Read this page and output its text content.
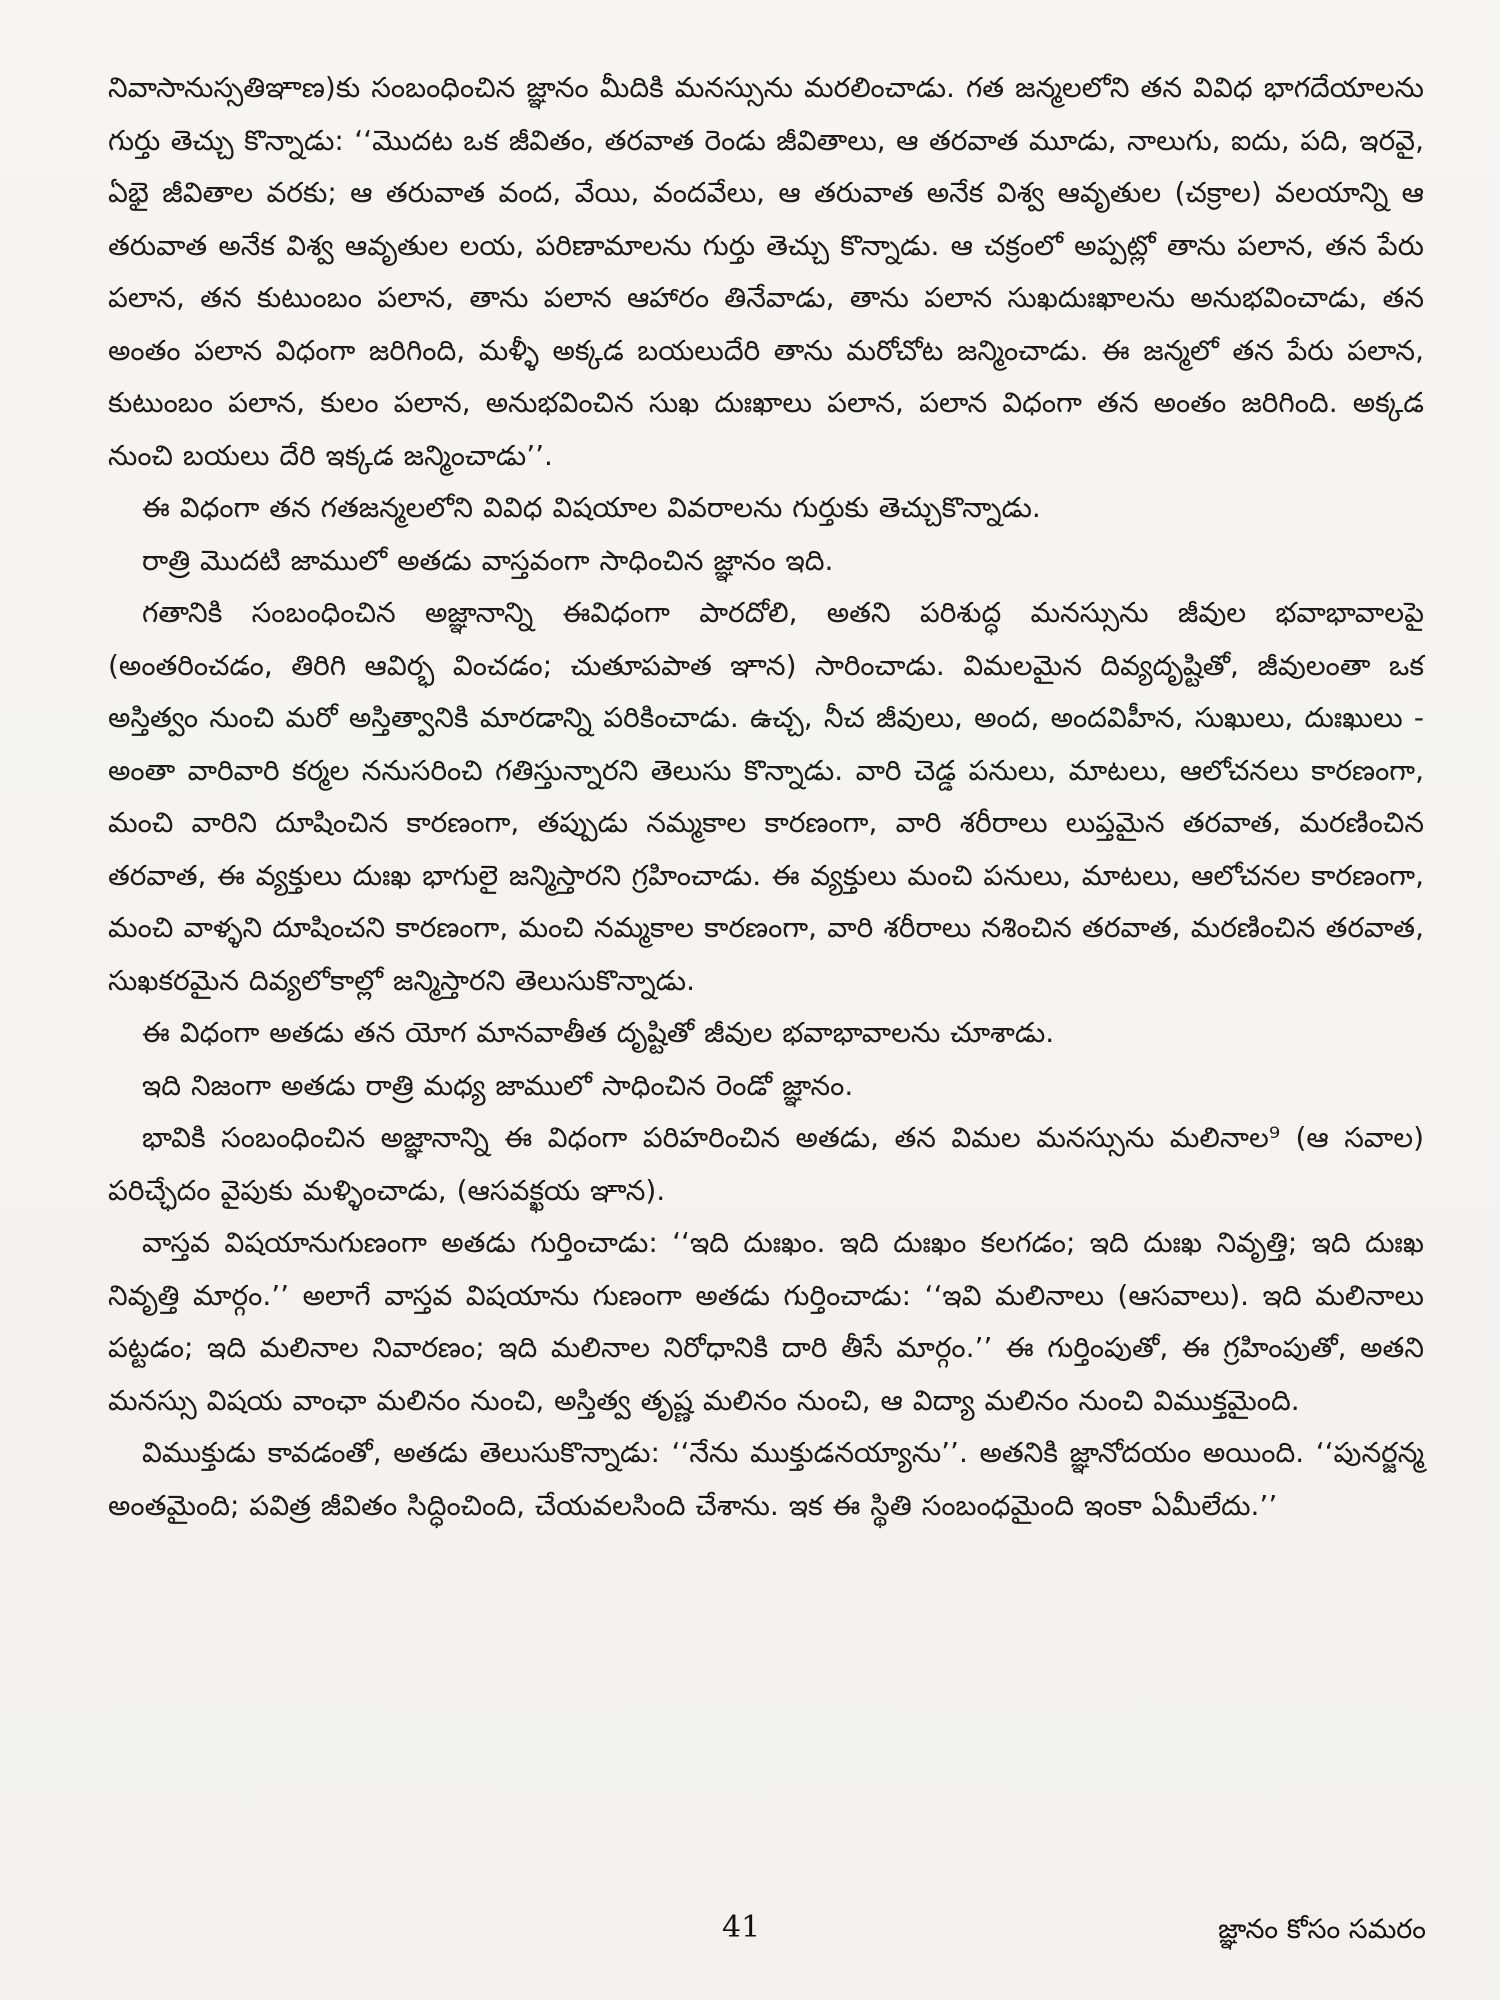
నివాసానుస్సతిఞాణ)కు సంబంధించిన జ్ఞానం మీదికి మనస్సును మరలించాడు. గత జన్మలలోని తన వివిధ భాగదేయాలను గుర్తు తెచ్చు కొన్నాడు: ‘‘మొదట ఒక జీవితం, తరవాత రెండు జీవితాలు, ఆ తరవాత మూడు, నాలుగు, ఐదు, పది, ఇరవై, ఏభై జీవితాల వరకు; ఆ తరువాత వంద, వేయి, వందవేలు, ఆ తరువాత అనేక విశ్వ ఆవృతుల (చక్రాల) వలయాన్ని ఆ తరువాత అనేక విశ్వ ఆవృతుల లయ, పరిణామాలను గుర్తు తెచ్చు కొన్నాడు. ఆ చక్రంలో అప్పట్లో తాను పలాన, తన పేరు పలాన, తన కుటుంబం పలాన, తాను పలాన ఆహారం తినేవాడు, తాను పలాన సుఖదుఃఖాలను అనుభవించాడు, తన అంతం పలాన విధంగా జరిగింది, మళ్ళీ అక్కడ బయలుదేరి తాను మరోచోట జన్మించాడు. ఈ జన్మలో తన పేరు పలాన, కుటుంబం పలాన, కులం పలాన, అనుభవించిన సుఖ దుఃఖాలు పలాన, పలాన విధంగా తన అంతం జరిగింది. అక్కడ నుంచి బయలు దేరి ఇక్కడ జన్మించాడు’’.

ఈ విధంగా తన గతజన్మలలోని వివిధ విషయాల వివరాలను గుర్తుకు తెచ్చుకొన్నాడు.

రాత్రి మొదటి జాములో అతడు వాస్తవంగా సాధించిన జ్ఞానం ఇది.

గతానికి సంబంధించిన అజ్ఞానాన్ని ఈవిధంగా పారదోలి, అతని పరిశుద్ధ మనస్సును జీవుల భవాభావాలపై (అంతరించడం, తిరిగి ఆవిర్భ వించడం; చుతూపపాత ఞాన) సారించాడు. విమలమైన దివ్యదృష్టితో, జీవులంతా ఒక అస్తిత్వం నుంచి మరో అస్తిత్వానికి మారడాన్ని పరికించాడు. ఉచ్చ, నీచ జీవులు, అంద, అందవిహీన, సుఖులు, దుఃఖులు - అంతా వారివారి కర్మల ననుసరించి గతిస్తున్నారని తెలుసు కొన్నాడు. వారి చెడ్డ పనులు, మాటలు, ఆలోచనలు కారణంగా, మంచి వారిని దూషించిన కారణంగా, తప్పుడు నమ్మకాల కారణంగా, వారి శరీరాలు లుప్తమైన తరవాత, మరణించిన తరవాత, ఈ వ్యక్తులు దుఃఖ భాగులై జన్మిస్తారని గ్రహించాడు. ఈ వ్యక్తులు మంచి పనులు, మాటలు, ఆలోచనల కారణంగా, మంచి వాళ్ళని దూషించని కారణంగా, మంచి నమ్మకాల కారణంగా, వారి శరీరాలు నశించిన తరవాత, మరణించిన తరవాత, సుఖకరమైన దివ్యలోకాల్లో జన్మిస్తారని తెలుసుకొన్నాడు.

ఈ విధంగా అతడు తన యోగ మానవాతీత దృష్టితో జీవుల భవాభావాలను చూశాడు.

ఇది నిజంగా అతడు రాత్రి మధ్య జాములో సాధించిన రెండో జ్ఞానం.

భావికి సంబంధించిన అజ్ఞానాన్ని ఈ విధంగా పరిహరించిన అతడు, తన విమల మనస్సును మలినాల⁹ (ఆ సవాల) పరిచ్ఛేదం వైపుకు మళ్ళించాడు, (ఆసవక్ఖయ ఞాన).

వాస్తవ విషయానుగుణంగా అతడు గుర్తించాడు: ‘‘ఇది దుఃఖం. ఇది దుఃఖం కలగడం; ఇది దుఃఖ నివృత్తి; ఇది దుఃఖ నివృత్తి మార్గం.’’ అలాగే వాస్తవ విషయాను గుణంగా అతడు గుర్తించాడు: ‘‘ఇవి మలినాలు (ఆసవాలు). ఇది మలినాలు పట్టడం; ఇది మలినాల నివారణం; ఇది మలినాల నిరోధానికి దారి తీసే మార్గం.’’ ఈ గుర్తింపుతో, ఈ గ్రహింపుతో, అతని మనస్సు విషయ వాంఛా మలినం నుంచి, అస్తిత్వ తృష్ణ మలినం నుంచి, ఆ విద్యా మలినం నుంచి విముక్తమైంది.

విముక్తుడు కావడంతో, అతడు తెలుసుకొన్నాడు: ‘‘నేను ముక్తుడనయ్యాను’’. అతనికి జ్ఞానోదయం అయింది. ‘‘పునర్జన్మ అంతమైంది; పవిత్ర జీవితం సిద్ధించింది, చేయవలసింది చేశాను. ఇక ఈ స్థితి సంబంధమైంది ఇంకా ఏమీలేదు.’’

41	జ్ఞానం కోసం సమరం
